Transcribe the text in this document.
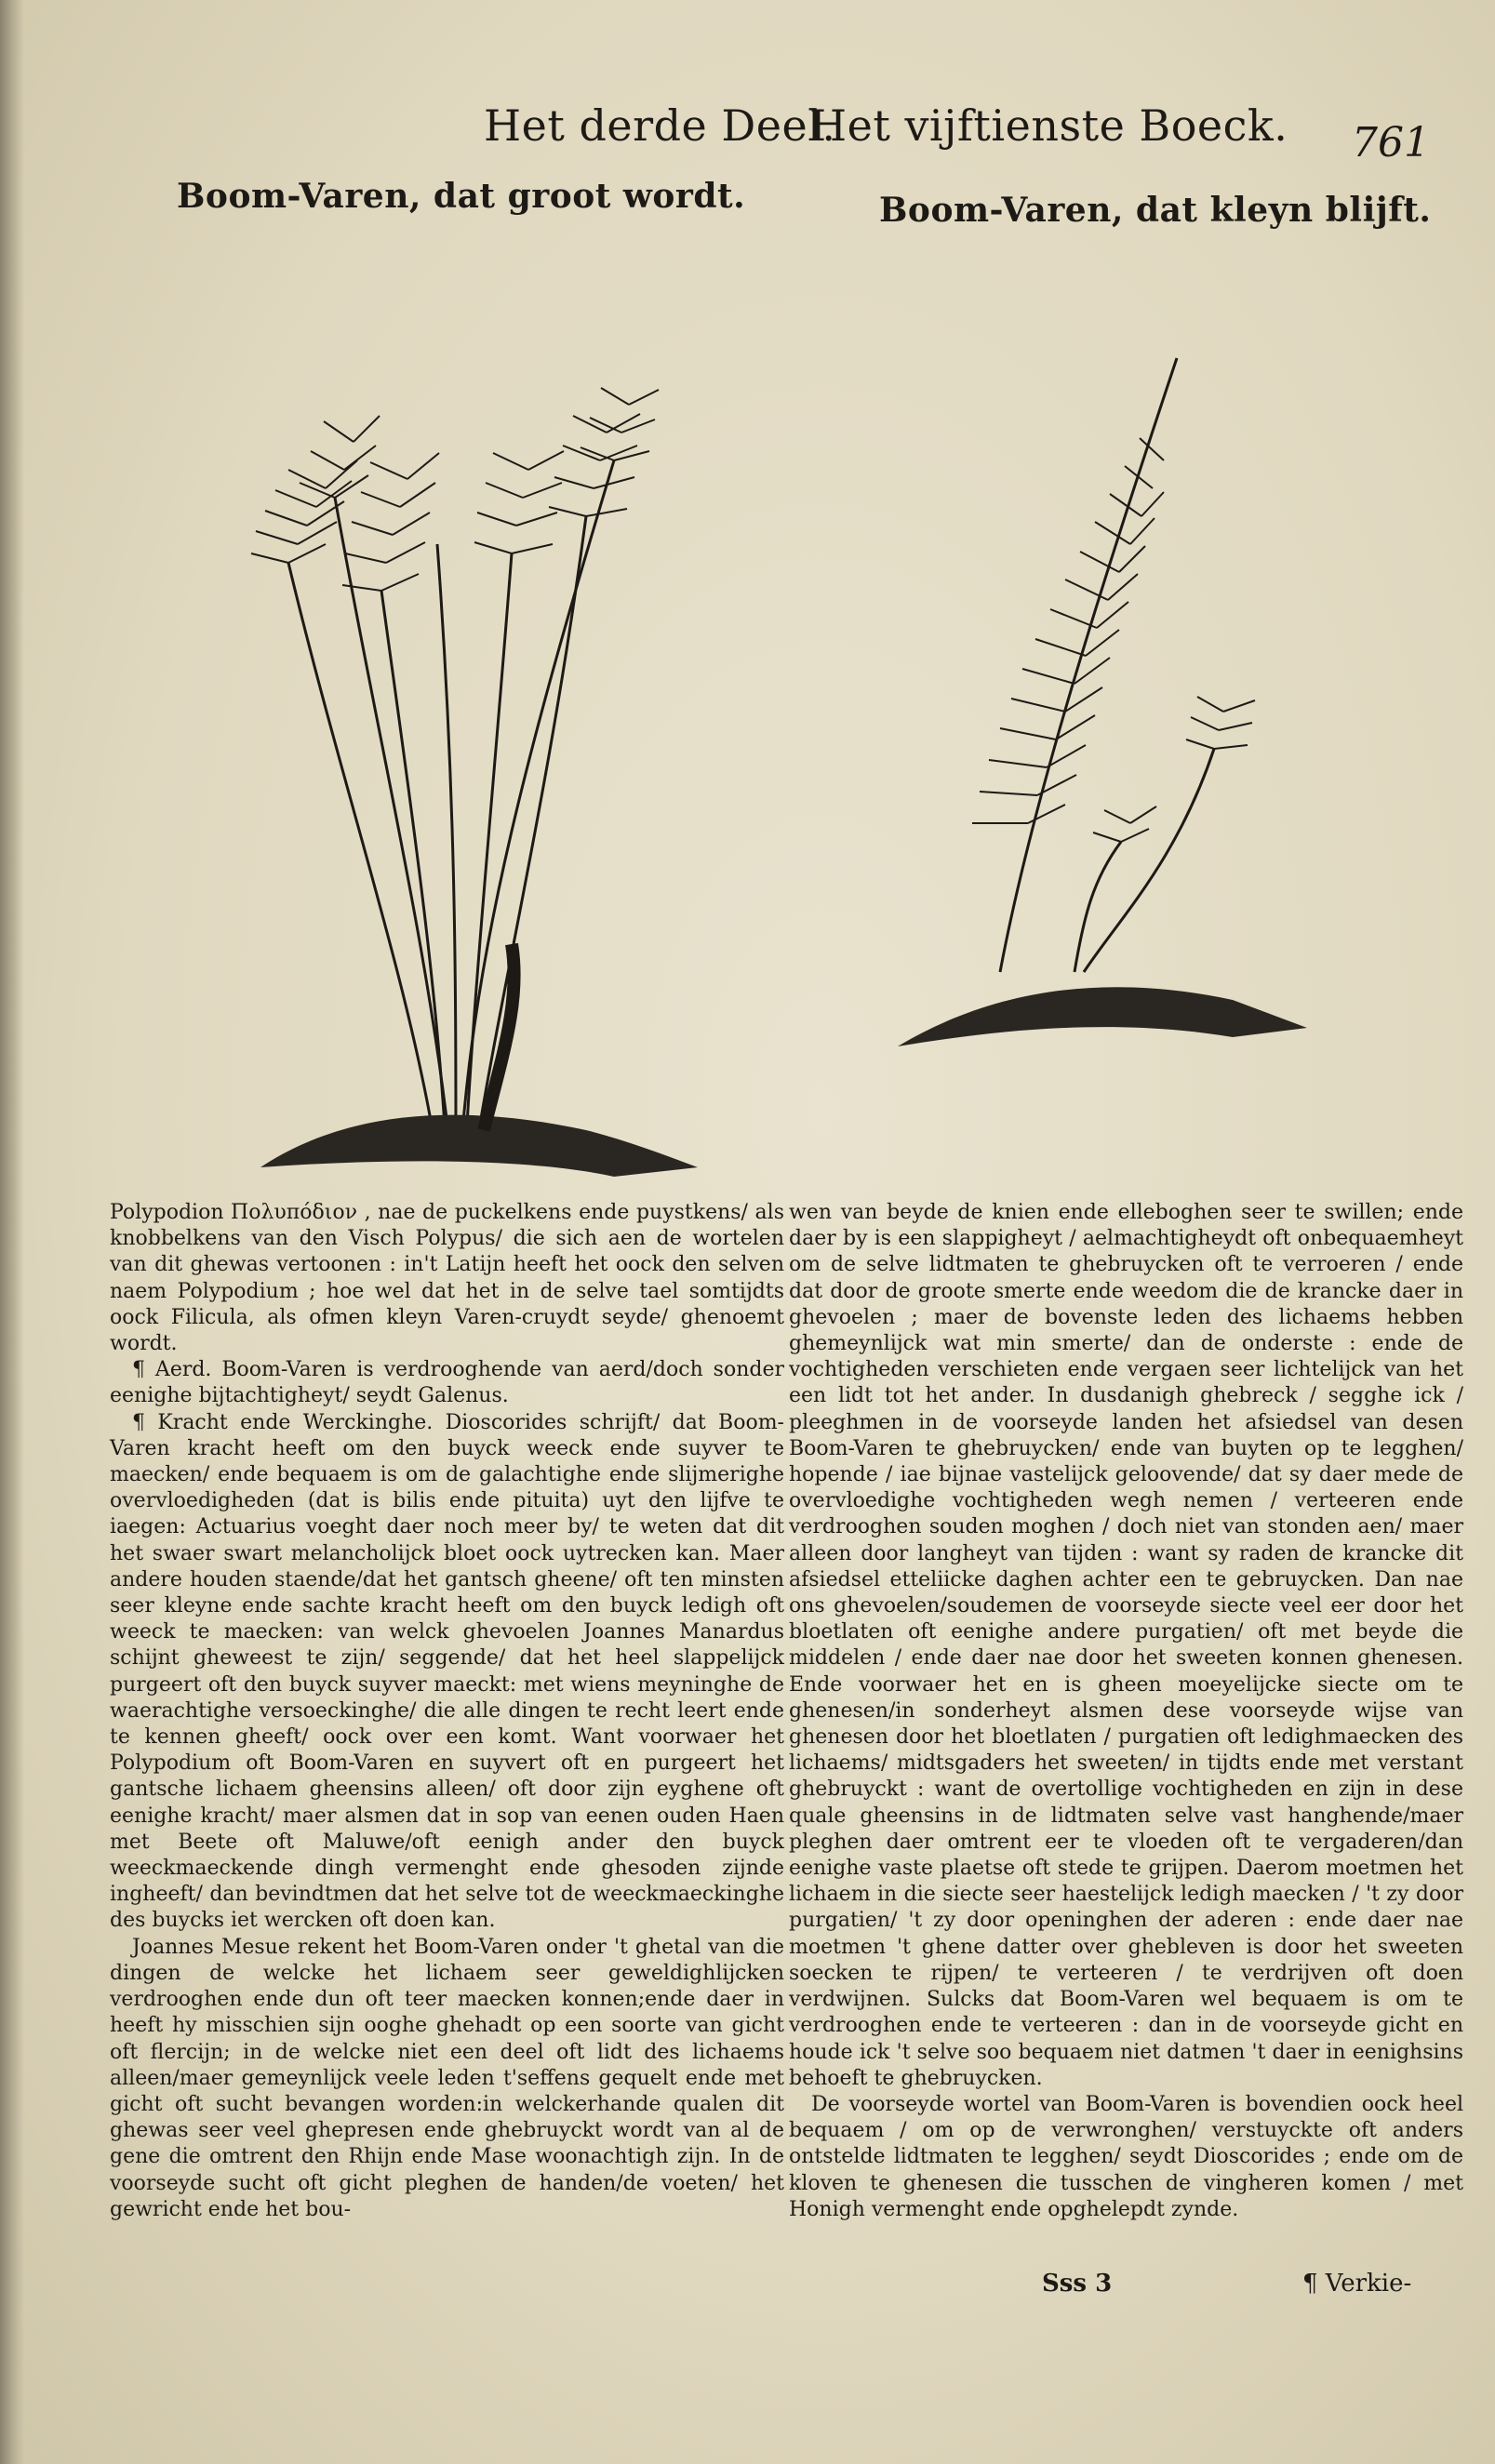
Het derde Deel.
Het vijftienste Boeck. 761
Boom-Varen, dat groot wordt.	Boom-Varen, dat kleyn blijft.

Polypodion Πολυπόδιον , nae de puckelkens ende puystkens/ als knobbelkens van den Visch Polypus/ die sich aen de wortelen van dit ghewas vertoonen : in't Latijn heeft het oock den selven naem Polypodium ; hoe wel dat het in de selve tael somtijdts oock Filicula, als ofmen kleyn Varen-cruydt seyde/ ghenoemt wordt.

¶ Aerd. Boom-Varen is verdrooghende van aerd/doch sonder eenighe bijtachtigheyt/ seydt Galenus.

¶ Kracht ende Werckinghe. Dioscorides schrijft/ dat Boom-Varen kracht heeft om den buyck weeck ende suyver te maecken/ ende bequaem is om de galachtighe ende slijmerighe overvloedigheden (dat is bilis ende pituita) uyt den lijfve te iaegen: Actuarius voeght daer noch meer by/ te weten dat dit het swaer swart melancholijck bloet oock uytrecken kan. Maer andere houden staende/dat het gantsch gheene/ oft ten minsten seer kleyne ende sachte kracht heeft om den buyck ledigh oft weeck te maecken: van welck ghevoelen Joannes Manardus schijnt gheweest te zijn/ seggende/ dat het heel slappelijck purgeert oft den buyck suyver maeckt: met wiens meyninghe de waerachtighe versoeckinghe/ die alle dingen te recht leert ende te kennen gheeft/ oock over een komt. Want voorwaer het Polypodium oft Boom-Varen en suyvert oft en purgeert het gantsche lichaem gheensins alleen/ oft door zijn eyghene oft eenighe kracht/ maer alsmen dat in sop van eenen ouden Haen met Beete oft Maluwe/oft eenigh ander den buyck weeckmaeckende dingh vermenght ende ghesoden zijnde ingheeft/ dan bevindtmen dat het selve tot de weeckmaeckinghe des buycks iet wercken oft doen kan.

Joannes Mesue rekent het Boom-Varen onder 't ghetal van die dingen de welcke het lichaem seer geweldighlijcken verdrooghen ende dun oft teer maecken konnen;ende daer in heeft hy misschien sijn ooghe ghehadt op een soorte van gicht oft flercijn; in de welcke niet een deel oft lidt des lichaems alleen/maer gemeynlijck veele leden t'seffens gequelt ende met gicht oft sucht bevangen worden:in welckerhande qualen dit ghewas seer veel ghepresen ende ghebruyckt wordt van al de gene die omtrent den Rhijn ende Mase woonachtigh zijn. In de voorseyde sucht oft gicht pleghen de handen/de voeten/ het gewricht ende het bou-

wen van beyde de knien ende elleboghen seer te swillen; ende daer by is een slappigheyt / aelmachtigheydt oft onbequaemheyt om de selve lidtmaten te ghebruycken oft te verroeren / ende dat door de groote smerte ende weedom die de krancke daer in ghevoelen ; maer de bovenste leden des lichaems hebben ghemeynlijck wat min smerte/ dan de onderste : ende de vochtigheden verschieten ende vergaen seer lichtelijck van het een lidt tot het ander. In dusdanigh ghebreck / segghe ick / pleeghmen in de voorseyde landen het afsiedsel van desen Boom-Varen te ghebruycken/ ende van buyten op te legghen/ hopende / iae bijnae vastelijck geloovende/ dat sy daer mede de overvloedighe vochtigheden wegh nemen / verteeren ende verdrooghen souden moghen / doch niet van stonden aen/ maer alleen door langheyt van tijden : want sy raden de krancke dit afsiedsel etteliicke daghen achter een te gebruycken. Dan nae ons ghevoelen/soudemen de voorseyde siecte veel eer door het bloetlaten oft eenighe andere purgatien/ oft met beyde die middelen / ende daer nae door het sweeten konnen ghenesen. Ende voorwaer het en is gheen moeyelijcke siecte om te ghenesen/in sonderheyt alsmen dese voorseyde wijse van ghenesen door het bloetlaten / purgatien oft ledighmaecken des lichaems/ midtsgaders het sweeten/ in tijdts ende met verstant ghebruyckt : want de overtollige vochtigheden en zijn in dese quale gheensins in de lidtmaten selve vast hanghende/maer pleghen daer omtrent eer te vloeden oft te vergaderen/dan eenighe vaste plaetse oft stede te grijpen. Daerom moetmen het lichaem in die siecte seer haestelijck ledigh maecken / 't zy door purgatien/ 't zy door openinghen der aderen : ende daer nae moetmen 't ghene datter over ghebleven is door het sweeten soecken te rijpen/ te verteeren / te verdrijven oft doen verdwijnen. Sulcks dat Boom-Varen wel bequaem is om te verdrooghen ende te verteeren : dan in de voorseyde gicht en houde ick 't selve soo bequaem niet datmen 't daer in eenighsins behoeft te ghebruycken.

De voorseyde wortel van Boom-Varen is bovendien oock heel bequaem / om op de verwronghen/ verstuyckte oft anders ontstelde lidtmaten te legghen/ seydt Dioscorides ; ende om de kloven te ghenesen die tusschen de vingheren komen / met Honigh vermenght ende opghelepdt zynde.

Sss 3	¶ Verkie-
